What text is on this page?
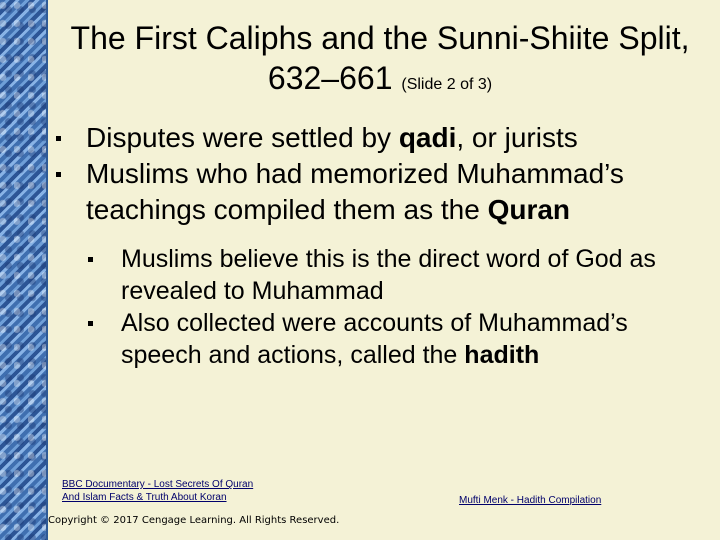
The First Caliphs and the Sunni-Shiite Split, 632–661 (Slide 2 of 3)
Disputes were settled by qadi, or jurists
Muslims who had memorized Muhammad’s teachings compiled them as the Quran
Muslims believe this is the direct word of God as revealed to Muhammad
Also collected were accounts of Muhammad’s speech and actions, called the hadith
BBC Documentary - Lost Secrets Of Quran
And Islam Facts & Truth About Koran	Mufti Menk - Hadith Compilation
Copyright © 2017 Cengage Learning. All Rights Reserved.
